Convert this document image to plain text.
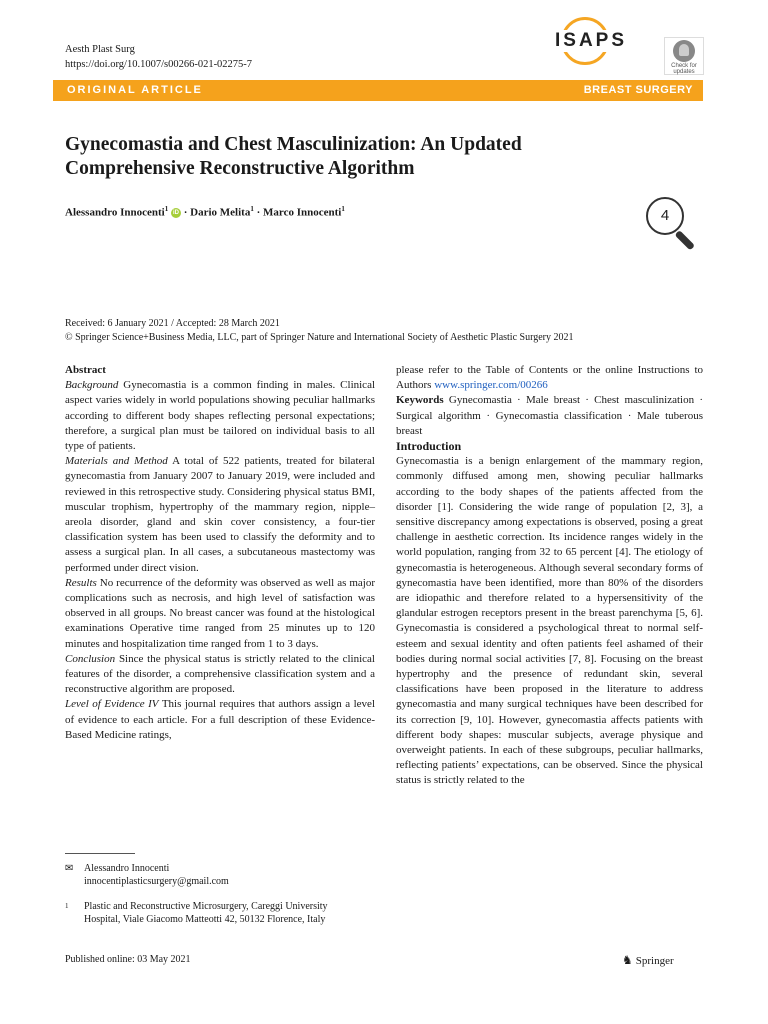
Aesth Plast Surg
https://doi.org/10.1007/s00266-021-02275-7
ISAPS
Check for updates
ORIGINAL ARTICLE	BREAST SURGERY
Gynecomastia and Chest Masculinization: An Updated Comprehensive Reconstructive Algorithm
Alessandro Innocenti$^1$ iD · Dario Melita$^1$ · Marco Innocenti$^1$	4
Received: 6 January 2021 / Accepted: 28 March 2021
© Springer Science+Business Media, LLC, part of Springer Nature and International Society of Aesthetic Plastic Surgery 2021

Abstract

Background Gynecomastia is a common finding in males. Clinical aspect varies widely in world populations showing peculiar hallmarks according to different body shapes reflecting personal expectations; therefore, a surgical plan must be tailored on individual basis to all type of patients.

Materials and Method A total of 522 patients, treated for bilateral gynecomastia from January 2007 to January 2019, were included and reviewed in this retrospective study. Considering physical status BMI, muscular trophism, hypertrophy of the mammary region, nipple–areola disorder, gland and skin cover consistency, a four-tier classification system has been used to classify the deformity and to assess a surgical plan. In all cases, a subcutaneous mastectomy was performed under direct vision.

Results No recurrence of the deformity was observed as well as major complications such as necrosis, and high level of satisfaction was observed in all groups. No breast cancer was found at the histological examinations Operative time ranged from 25 minutes up to 120 minutes and hospitalization time ranged from 1 to 3 days.

Conclusion Since the physical status is strictly related to the clinical features of the disorder, a comprehensive classification system and a reconstructive algorithm are proposed.

Level of Evidence IV This journal requires that authors assign a level of evidence to each article. For a full description of these Evidence-Based Medicine ratings,

please refer to the Table of Contents or the online Instructions to Authors www.springer.com/00266

Keywords Gynecomastia · Male breast · Chest masculinization · Surgical algorithm · Gynecomastia classification · Male tuberous breast

Introduction

Gynecomastia is a benign enlargement of the mammary region, commonly diffused among men, showing peculiar hallmarks according to the body shapes of the patients affected from the disorder [1]. Considering the wide range of population [2, 3], a sensitive discrepancy among expectations is observed, posing a great challenge in aesthetic correction. Its incidence ranges widely in the world population, ranging from 32 to 65 percent [4]. The etiology of gynecomastia is heterogeneous. Although several secondary forms of gynecomastia have been identified, more than 80% of the disorders are idiopathic and therefore related to a hypersensitivity of the glandular estrogen receptors present in the breast parenchyma [5, 6]. Gynecomastia is considered a psychological threat to normal self-esteem and sexual identity and often patients feel ashamed of their bodies during normal social activities [7, 8]. Focusing on the breast hypertrophy and the presence of redundant skin, several classifications have been proposed in the literature to address gynecomastia and many surgical techniques have been described for its correction [9, 10]. However, gynecomastia affects patients with different body shapes: muscular subjects, average physique and overweight patients. In each of these subgroups, peculiar hallmarks, reflecting patients’ expectations, can be observed. Since the physical status is strictly related to the

✉ Alessandro Innocenti
innocentiplasticsurgery@gmail.com
1 Plastic and Reconstructive Microsurgery, Careggi University Hospital, Viale Giacomo Matteotti 42, 50132 Florence, Italy
Published online: 03 May 2021	♞ Springer
